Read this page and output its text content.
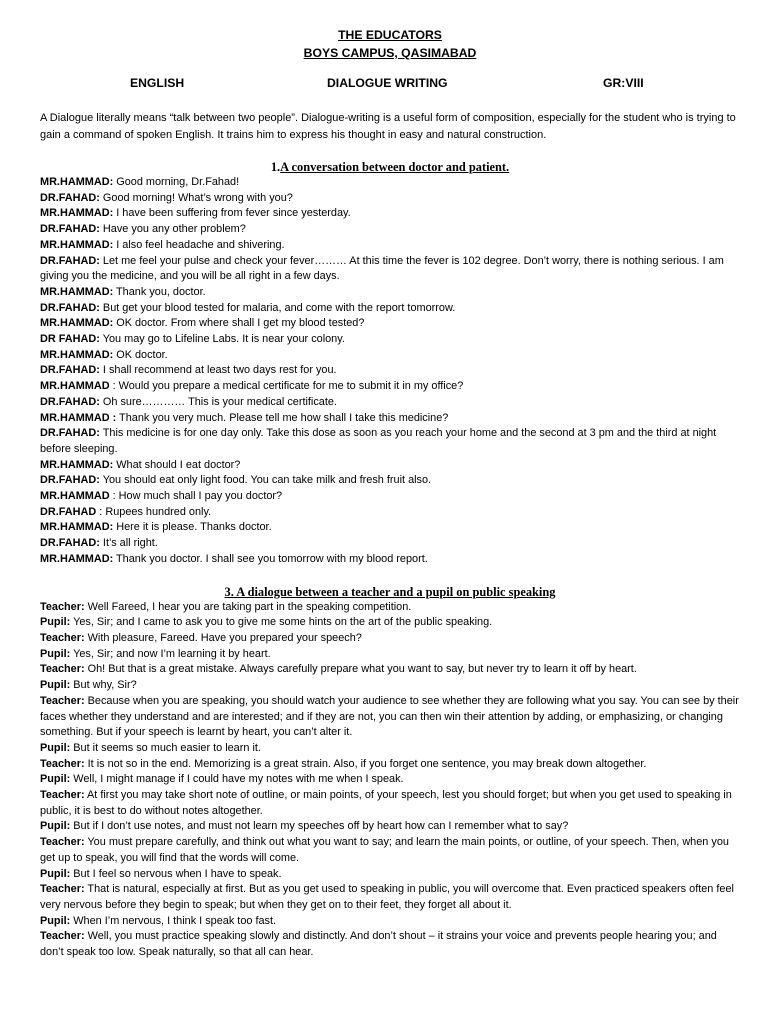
THE EDUCATORS

BOYS CAMPUS, QASIMABAD

ENGLISH	DIALOGUE WRITING	GR:VIII

A Dialogue literally means “talk between two people”. Dialogue-writing is a useful form of composition, especially for the student who is trying to gain a command of spoken English. It trains him to express his thought in easy and natural construction.

1.A conversation between doctor and patient.

MR.HAMMAD: Good morning, Dr.Fahad!

DR.FAHAD: Good morning! What’s wrong with you?

MR.HAMMAD: I have been suffering from fever since yesterday.

DR.FAHAD: Have you any other problem?

MR.HAMMAD: I also feel headache and shivering.

DR.FAHAD: Let me feel your pulse and check your fever……… At this time the fever is 102 degree. Don’t worry, there is nothing serious. I am giving you the medicine, and you will be all right in a few days.

MR.HAMMAD: Thank you, doctor.

DR.FAHAD: But get your blood tested for malaria, and come with the report tomorrow.

MR.HAMMAD: OK doctor. From where shall I get my blood tested?

DR FAHAD: You may go to Lifeline Labs. It is near your colony.

MR.HAMMAD: OK doctor.

DR.FAHAD: I shall recommend at least two days rest for you.

MR.HAMMAD : Would you prepare a medical certificate for me to submit it in my office?

DR.FAHAD: Oh sure………… This is your medical certificate.

MR.HAMMAD : Thank you very much. Please tell me how shall I take this medicine?

DR.FAHAD: This medicine is for one day only. Take this dose as soon as you reach your home and the second at 3 pm and the third at night before sleeping.

MR.HAMMAD: What should I eat doctor?

DR.FAHAD: You should eat only light food. You can take milk and fresh fruit also.

MR.HAMMAD : How much shall I pay you doctor?

DR.FAHAD : Rupees hundred only.

MR.HAMMAD: Here it is please. Thanks doctor.

DR.FAHAD: It’s all right.

MR.HAMMAD: Thank you doctor. I shall see you tomorrow with my blood report.

3. A dialogue between a teacher and a pupil on public speaking

Teacher: Well Fareed, I hear you are taking part in the speaking competition.

Pupil: Yes, Sir; and I came to ask you to give me some hints on the art of the public speaking.

Teacher: With pleasure, Fareed. Have you prepared your speech?

Pupil: Yes, Sir; and now I’m learning it by heart.

Teacher: Oh! But that is a great mistake. Always carefully prepare what you want to say, but never try to learn it off by heart.

Pupil: But why, Sir?

Teacher: Because when you are speaking, you should watch your audience to see whether they are following what you say. You can see by their faces whether they understand and are interested; and if they are not, you can then win their attention by adding, or emphasizing, or changing something. But if your speech is learnt by heart, you can’t alter it.

Pupil: But it seems so much easier to learn it.

Teacher: It is not so in the end. Memorizing is a great strain. Also, if you forget one sentence, you may break down altogether.

Pupil: Well, I might manage if I could have my notes with me when I speak.

Teacher: At first you may take short note of outline, or main points, of your speech, lest you should forget; but when you get used to speaking in public, it is best to do without notes altogether.

Pupil: But if I don’t use notes, and must not learn my speeches off by heart how can I remember what to say?

Teacher: You must prepare carefully, and think out what you want to say; and learn the main points, or outline, of your speech. Then, when you get up to speak, you will find that the words will come.

Pupil: But I feel so nervous when I have to speak.

Teacher: That is natural, especially at first. But as you get used to speaking in public, you will overcome that. Even practiced speakers often feel very nervous before they begin to speak; but when they get on to their feet, they forget all about it.

Pupil: When I’m nervous, I think I speak too fast.

Teacher: Well, you must practice speaking slowly and distinctly. And don’t shout – it strains your voice and prevents people hearing you; and don’t speak too low. Speak naturally, so that all can hear.
